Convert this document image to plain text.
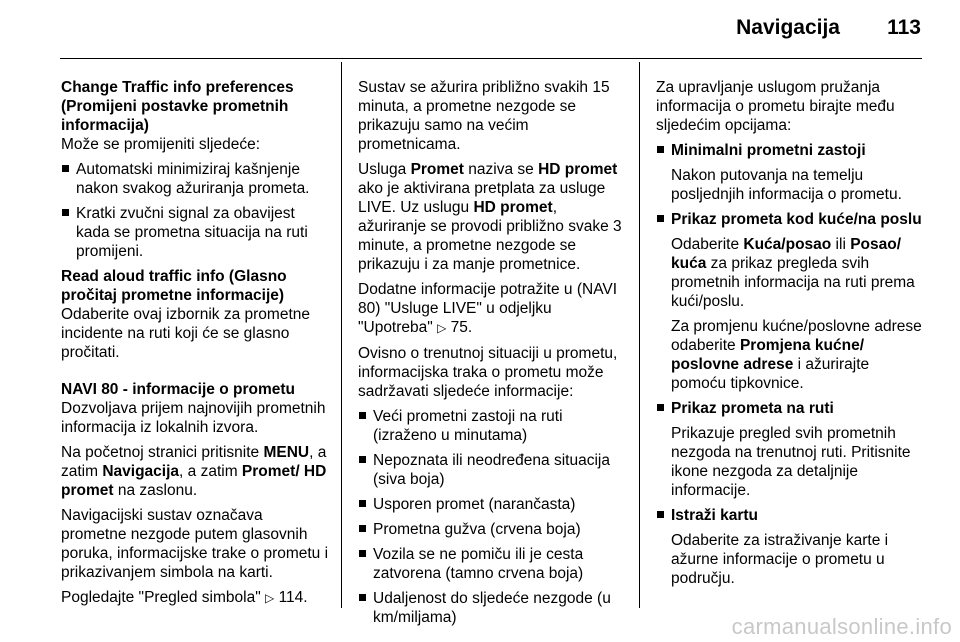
Navigacija 113
Change Traffic info preferences (Promijeni postavke prometnih informacija)

Može se promijeniti sljedeće:

Automatski minimiziraj kašnjenje nakon svakog ažuriranja prometa.
Kratki zvučni signal za obavijest kada se prometna situacija na ruti promijeni.
Read aloud traffic info (Glasno pročitaj prometne informacije)

Odaberite ovaj izbornik za prometne incidente na ruti koji će se glasno pročitati.

NAVI 80 - informacije o prometu

Dozvoljava prijem najnovijih prometnih informacija iz lokalnih izvora.

Na početnoj stranici pritisnite MENU, a zatim Navigacija, a zatim Promet/ HD promet na zaslonu.

Navigacijski sustav označava prometne nezgode putem glasovnih poruka, informacijske trake o prometu i prikazivanjem simbola na karti.

Pogledajte "Pregled simbola" ▷ 114.

Sustav se ažurira približno svakih 15 minuta, a prometne nezgode se prikazuju samo na većim prometnicama.

Usluga Promet naziva se HD promet ako je aktivirana pretplata za usluge LIVE. Uz uslugu HD promet, ažuriranje se provodi približno svake 3 minute, a prometne nezgode se prikazuju i za manje prometnice.

Dodatne informacije potražite u (NAVI 80) "Usluge LIVE" u odjeljku "Upotreba" ▷ 75.

Ovisno o trenutnoj situaciji u prometu, informacijska traka o prometu može sadržavati sljedeće informacije:

Veći prometni zastoji na ruti (izraženo u minutama)
Nepoznata ili neodređena situacija (siva boja)
Usporen promet (narančasta)
Prometna gužva (crvena boja)
Vozila se ne pomiču ili je cesta zatvorena (tamno crvena boja)
Udaljenost do sljedeće nezgode (u km/miljama)

Za upravljanje uslugom pružanja informacija o prometu birajte među sljedećim opcijama:

Minimalni prometni zastoji
Nakon putovanja na temelju posljednjih informacija o prometu.
Prikaz prometa kod kuće/na poslu
Odaberite Kuća/posao ili Posao/ kuća za prikaz pregleda svih prometnih informacija na ruti prema kući/poslu.
Za promjenu kućne/poslovne adrese odaberite Promjena kućne/ poslovne adrese i ažurirajte pomoću tipkovnice.
Prikaz prometa na ruti
Prikazuje pregled svih prometnih nezgoda na trenutnoj ruti. Pritisnite ikone nezgoda za detaljnije informacije.
Istraži kartu
Odaberite za istraživanje karte i ažurne informacije o prometu u području.
carmanualsonline.info
